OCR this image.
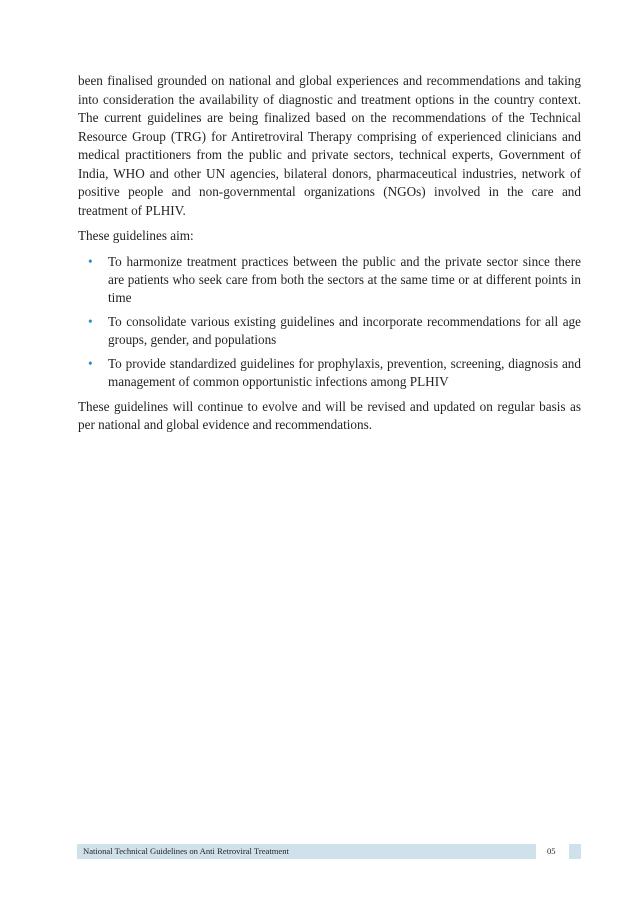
been finalised grounded on national and global experiences and recommendations and taking into consideration the availability of diagnostic and treatment options in the country context. The current guidelines are being finalized based on the recommendations of the Technical Resource Group (TRG) for Antiretroviral Therapy comprising of experienced clinicians and medical practitioners from the public and private sectors, technical experts, Government of India, WHO and other UN agencies, bilateral donors, pharmaceutical industries, network of positive people and non-governmental organizations (NGOs) involved in the care and treatment of PLHIV.

These guidelines aim:

• To harmonize treatment practices between the public and the private sector since there are patients who seek care from both the sectors at the same time or at different points in time
• To consolidate various existing guidelines and incorporate recommendations for all age groups, gender, and populations
• To provide standardized guidelines for prophylaxis, prevention, screening, diagnosis and management of common opportunistic infections among PLHIV

These guidelines will continue to evolve and will be revised and updated on regular basis as per national and global evidence and recommendations.

National Technical Guidelines on Anti Retroviral Treatment	05
